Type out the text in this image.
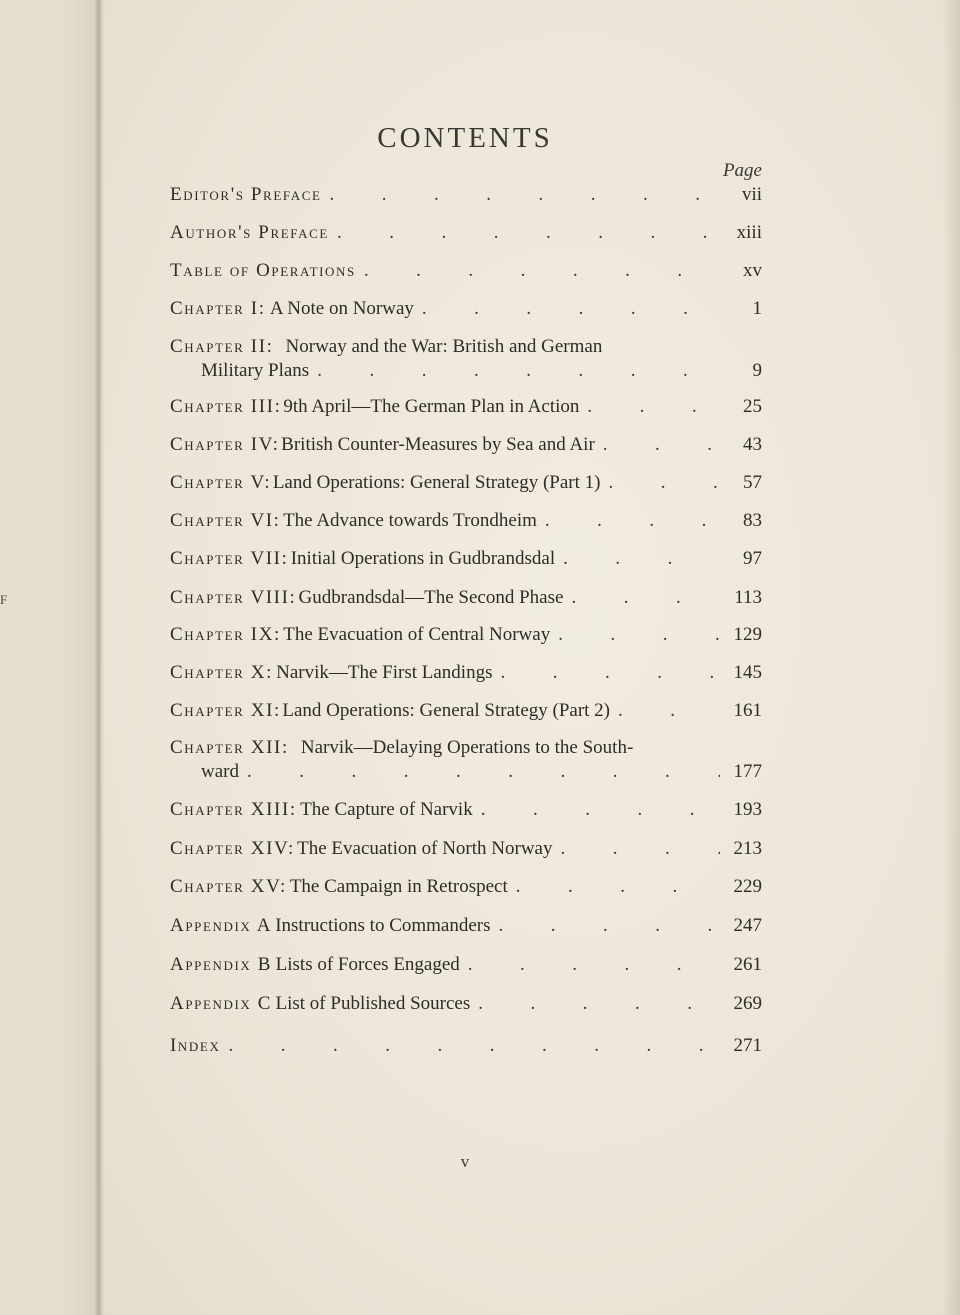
F
CONTENTS
Page
Editor's Preface .	vii
Author's Preface .	xiii
Table of Operations .	xv
Chapter I: A Note on Norway .	1
Chapter II: Norway and the War: British and German
Military Plans .	9
Chapter III: 9th April—The German Plan in Action .	25
Chapter IV: British Counter-Measures by Sea and Air .	43
Chapter V: Land Operations: General Strategy (Part 1) .	57
Chapter VI: The Advance towards Trondheim .	83
Chapter VII: Initial Operations in Gudbrandsdal .	97
Chapter VIII: Gudbrandsdal—The Second Phase .	113
Chapter IX: The Evacuation of Central Norway .	129
Chapter X: Narvik—The First Landings .	145
Chapter XI: Land Operations: General Strategy (Part 2) .	161
Chapter XII: Narvik—Delaying Operations to the South-
ward .	177
Chapter XIII: The Capture of Narvik .	193
Chapter XIV: The Evacuation of North Norway .	213
Chapter XV: The Campaign in Retrospect .	229
Appendix A Instructions to Commanders .	247
Appendix B Lists of Forces Engaged .	261
Appendix C List of Published Sources .	269
Index .	271
v
